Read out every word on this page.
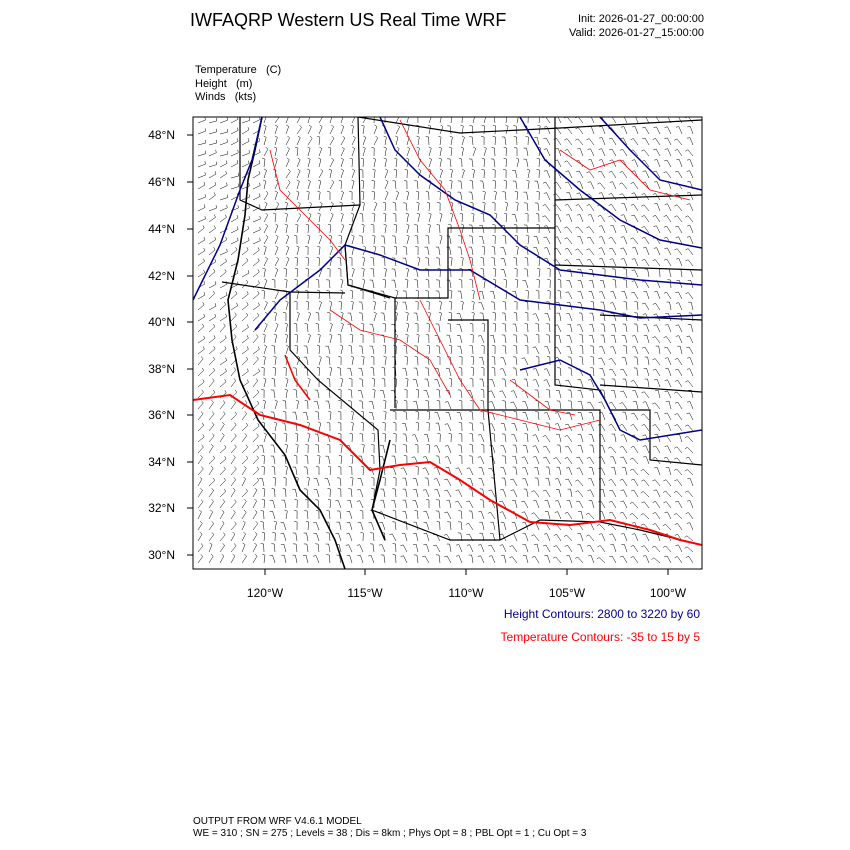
48°N
46°N
44°N
42°N
40°N
38°N
36°N
34°N
32°N
30°N
120°W	115°W	110°W	105°W	100°W
IWFAQRP Western US Real Time WRF	Init: 2026-01-27_00:00:00
Valid: 2026-01-27_15:00:00
Temperature (C)
Height (m)
Winds (kts)
Height Contours: 2800 to 3220 by 60
Temperature Contours: -35 to 15 by 5
OUTPUT FROM WRF V4.6.1 MODEL
WE = 310 ; SN = 275 ; Levels = 38 ; Dis = 8km ; Phys Opt = 8 ; PBL Opt = 1 ; Cu Opt = 3
